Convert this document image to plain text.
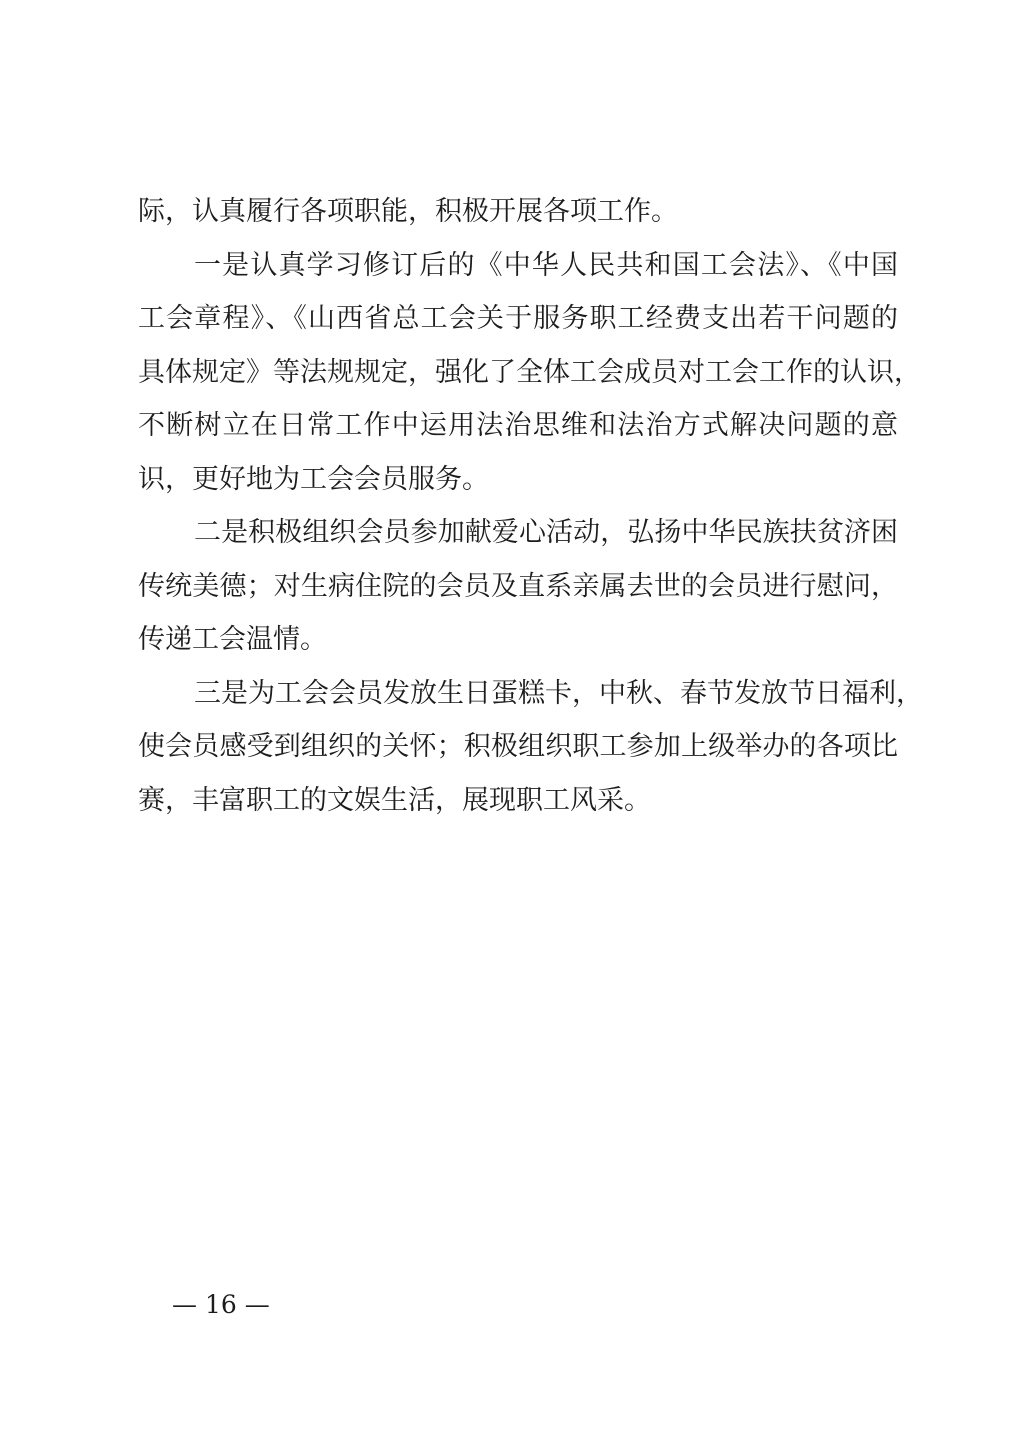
际，认真履行各项职能，积极开展各项工作。
一是认真学习修订后的《中华人民共和国工会法》、《中国
工会章程》、《山西省总工会关于服务职工经费支出若干问题的
具体规定》等法规规定，强化了全体工会成员对工会工作的认识，
不断树立在日常工作中运用法治思维和法治方式解决问题的意
识，更好地为工会会员服务。
二是积极组织会员参加献爱心活动，弘扬中华民族扶贫济困
传统美德；对生病住院的会员及直系亲属去世的会员进行慰问，
传递工会温情。
三是为工会会员发放生日蛋糕卡，中秋、春节发放节日福利，
使会员感受到组织的关怀；积极组织职工参加上级举办的各项比
赛，丰富职工的文娱生活，展现职工风采。
— 16 —
